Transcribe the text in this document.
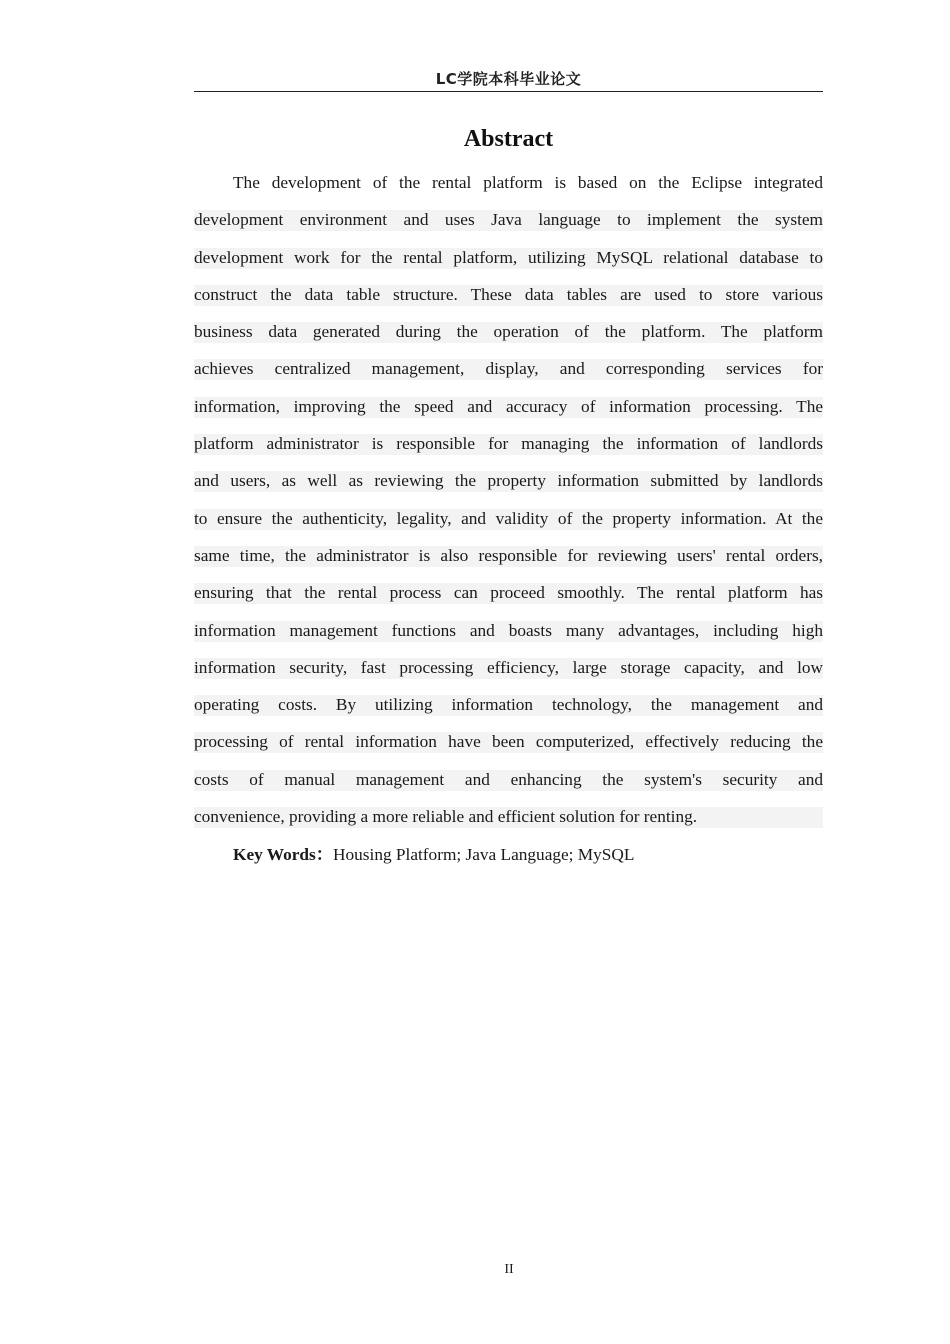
LC学院本科毕业论文
Abstract
The development of the rental platform is based on the Eclipse integrated
development environment and uses Java language to implement the system
development work for the rental platform, utilizing MySQL relational database to
construct the data table structure. These data tables are used to store various
business data generated during the operation of the platform. The platform
achieves centralized management, display, and corresponding services for
information, improving the speed and accuracy of information processing. The
platform administrator is responsible for managing the information of landlords
and users, as well as reviewing the property information submitted by landlords
to ensure the authenticity, legality, and validity of the property information. At the
same time, the administrator is also responsible for reviewing users' rental orders,
ensuring that the rental process can proceed smoothly. The rental platform has
information management functions and boasts many advantages, including high
information security, fast processing efficiency, large storage capacity, and low
operating costs. By utilizing information technology, the management and
processing of rental information have been computerized, effectively reducing the
costs of manual management and enhancing the system's security and
convenience, providing a more reliable and efficient solution for renting.
Key Words：Housing Platform; Java Language; MySQL
II
